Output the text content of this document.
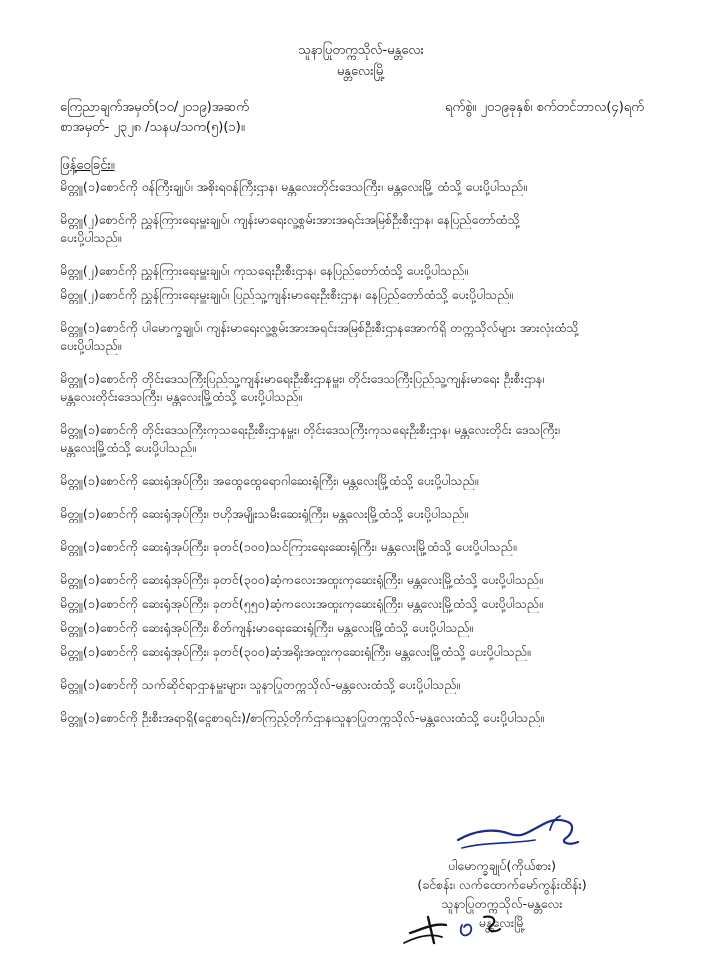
သူနာပြုတက္ကသိုလ်-မန္တလေး
မန္တလေးမြို့
ကြေညာချက်အမှတ်(၁၀/၂၀၁၉)အဆက်	ရက်စွဲ။ ၂၀၁၉ခုနှစ်၊ စက်တင်ဘာလ(၄)ရက်
စာအမှတ်- ၂၃၂၈ /သနပ/သက(၅)(၁)။
ဖြန့်ဝေခြင်း။

မိတ္တူ(၁)စောင်ကို ဝန်ကြီးချုပ်၊ အစိုးရဝန်ကြီးဌာန၊ မန္တလေးတိုင်းဒေသကြီး၊ မန္တလေးမြို့ ထံသို့ ပေးပို့ပါသည်။

မိတ္တူ(၂)စောင်ကို ညွှန်ကြားရေးမှူးချုပ်၊ ကျန်းမာရေးလူ့စွမ်းအားအရင်းအမြစ်ဦးစီးဌာန၊ နေပြည်တော်ထံသို့

ပေးပို့ပါသည်။

မိတ္တူ(၂)စောင်ကို ညွှန်ကြားရေးမှူးချုပ်၊ ကုသရေးဦးစီးဌာန၊ နေပြည်တော်ထံသို့ ပေးပို့ပါသည်။

မိတ္တူ(၂)စောင်ကို ညွှန်ကြားရေးမှူးချုပ်၊ ပြည်သူ့ကျန်းမာရေးဦးစီးဌာန၊ နေပြည်တော်ထံသို့ ပေးပို့ပါသည်။

မိတ္တူ(၁)စောင်ကို ပါမောက္ခချုပ်၊ ကျန်းမာရေးလူ့စွမ်းအားအရင်းအမြစ်ဦးစီးဌာနအောက်ရှိ တက္ကသိုလ်များ အားလုံးထံသို့

ပေးပို့ပါသည်။

မိတ္တူ(၁)စောင်ကို တိုင်းဒေသကြီးပြည်သူ့ကျန်းမာရေးဦးစီးဌာနမှူး၊ တိုင်းဒေသကြီးပြည်သူ့ကျန်းမာရေး ဦးစီးဌာန၊

မန္တလေးတိုင်းဒေသကြီး၊ မန္တလေးမြို့ထံသို့ ပေးပို့ပါသည်။

မိတ္တူ(၁)စောင်ကို တိုင်းဒေသကြီးကုသရေးဦးစီးဌာနမှူး၊ တိုင်းဒေသကြီးကုသရေးဦးစီးဌာန၊ မန္တလေးတိုင်း ဒေသကြီး၊

မန္တလေးမြို့ထံသို့ ပေးပို့ပါသည်။

မိတ္တူ(၁)စောင်ကို ဆေးရုံအုပ်ကြီး၊ အထွေထွေရောဂါဆေးရုံကြီး၊ မန္တလေးမြို့ထံသို့ ပေးပို့ပါသည်။

မိတ္တူ(၁)စောင်ကို ဆေးရုံအုပ်ကြီး၊ ဗဟိုအမျိုးသမီးဆေးရုံကြီး၊ မန္တလေးမြို့ထံသို့ ပေးပို့ပါသည်။

မိတ္တူ(၁)စောင်ကို ဆေးရုံအုပ်ကြီး၊ ခုတင်(၁၀၀)သင်ကြားရေးဆေးရုံကြီး၊ မန္တလေးမြို့ထံသို့ ပေးပို့ပါသည်။

မိတ္တူ(၁)စောင်ကို ဆေးရုံအုပ်ကြီး၊ ခုတင်(၃၀၀)ဆံ့ကလေးအထူးကုဆေးရုံကြီး၊ မန္တလေးမြို့ထံသို့ ပေးပို့ပါသည်။

မိတ္တူ(၁)စောင်ကို ဆေးရုံအုပ်ကြီး၊ ခုတင်(၅၅၀)ဆံ့ကလေးအထူးကုဆေးရုံကြီး၊ မန္တလေးမြို့ထံသို့ ပေးပို့ပါသည်။

မိတ္တူ(၁)စောင်ကို ဆေးရုံအုပ်ကြီး၊ စိတ်ကျန်းမာရေးဆေးရုံကြီး၊ မန္တလေးမြို့ထံသို့ ပေးပို့ပါသည်။

မိတ္တူ(၁)စောင်ကို ဆေးရုံအုပ်ကြီး၊ ခုတင်(၃၀၀)ဆံ့အရိုးအထူးကုဆေးရုံကြီး၊ မန္တလေးမြို့ထံသို့ ပေးပို့ပါသည်။

မိတ္တူ(၁)စောင်ကို သက်ဆိုင်ရာဌာနမှူးများ၊ သူနာပြုတက္ကသိုလ်-မန္တလေးထံသို့ ပေးပို့ပါသည်။

မိတ္တူ(၁)စောင်ကို ဦးစီးအရာရှိ(ငွေစာရင်း)/စာကြည့်တိုက်ဌာန၊သူနာပြုတက္ကသိုလ်-မန္တလေးထံသို့ ပေးပို့ပါသည်။

ပါမောက္ခချုပ်(ကိုယ်စား)
(ခင်စန်း၊ လက်ထောက်မော်ကွန်းထိန်း)
သူနာပြုတက္ကသိုလ်-မန္တလေး
မန္တလေးမြို့
